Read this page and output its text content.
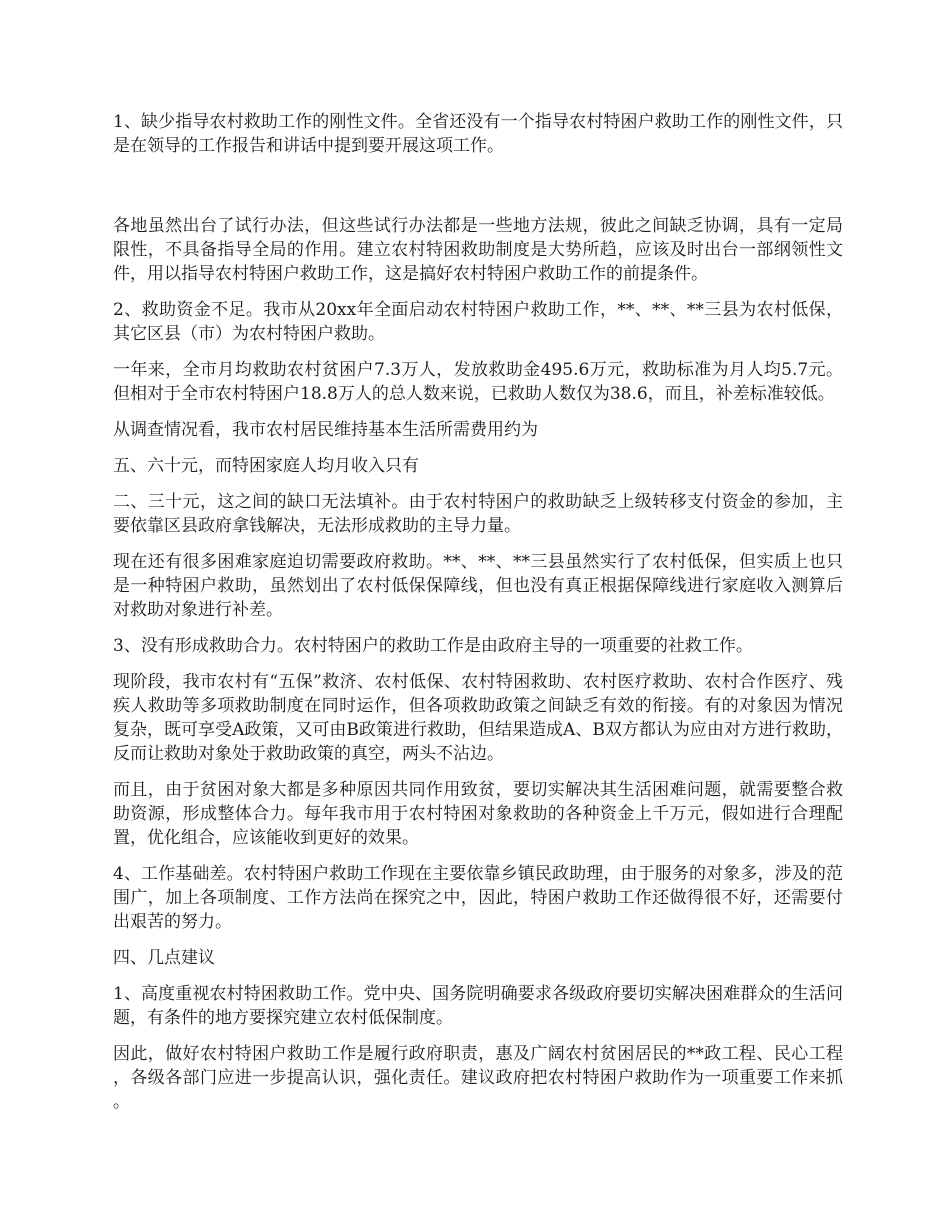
1、缺少指导农村救助工作的刚性文件。全省还没有一个指导农村特困户救助工作的刚性文件，只是在领导的工作报告和讲话中提到要开展这项工作。

各地虽然出台了试行办法，但这些试行办法都是一些地方法规，彼此之间缺乏协调，具有一定局限性，不具备指导全局的作用。建立农村特困救助制度是大势所趋，应该及时出台一部纲领性文件，用以指导农村特困户救助工作，这是搞好农村特困户救助工作的前提条件。

2、救助资金不足。我市从20xx年全面启动农村特困户救助工作，**、**、**三县为农村低保，其它区县（市）为农村特困户救助。

一年来，全市月均救助农村贫困户7.3万人，发放救助金495.6万元，救助标准为月人均5.7元。但相对于全市农村特困户18.8万人的总人数来说，已救助人数仅为38.6，而且，补差标准较低。

从调查情况看，我市农村居民维持基本生活所需费用约为

五、六十元，而特困家庭人均月收入只有

二、三十元，这之间的缺口无法填补。由于农村特困户的救助缺乏上级转移支付资金的参加，主要依靠区县政府拿钱解决，无法形成救助的主导力量。

现在还有很多困难家庭迫切需要政府救助。**、**、**三县虽然实行了农村低保，但实质上也只是一种特困户救助，虽然划出了农村低保保障线，但也没有真正根据保障线进行家庭收入测算后对救助对象进行补差。

3、没有形成救助合力。农村特困户的救助工作是由政府主导的一项重要的社救工作。

现阶段，我市农村有“五保”救济、农村低保、农村特困救助、农村医疗救助、农村合作医疗、残疾人救助等多项救助制度在同时运作，但各项救助政策之间缺乏有效的衔接。有的对象因为情况复杂，既可享受A政策，又可由B政策进行救助，但结果造成A、B双方都认为应由对方进行救助，反而让救助对象处于救助政策的真空，两头不沾边。

而且，由于贫困对象大都是多种原因共同作用致贫，要切实解决其生活困难问题，就需要整合救助资源，形成整体合力。每年我市用于农村特困对象救助的各种资金上千万元，假如进行合理配置，优化组合，应该能收到更好的效果。

4、工作基础差。农村特困户救助工作现在主要依靠乡镇民政助理，由于服务的对象多，涉及的范围广，加上各项制度、工作方法尚在探究之中，因此，特困户救助工作还做得很不好，还需要付出艰苦的努力。

四、几点建议

1、高度重视农村特困救助工作。党中央、国务院明确要求各级政府要切实解决困难群众的生活问题，有条件的地方要探究建立农村低保制度。

因此，做好农村特困户救助工作是履行政府职责，惠及广阔农村贫困居民的**政工程、民心工程，各级各部门应进一步提高认识，强化责任。建议政府把农村特困户救助作为一项重要工作来抓。
